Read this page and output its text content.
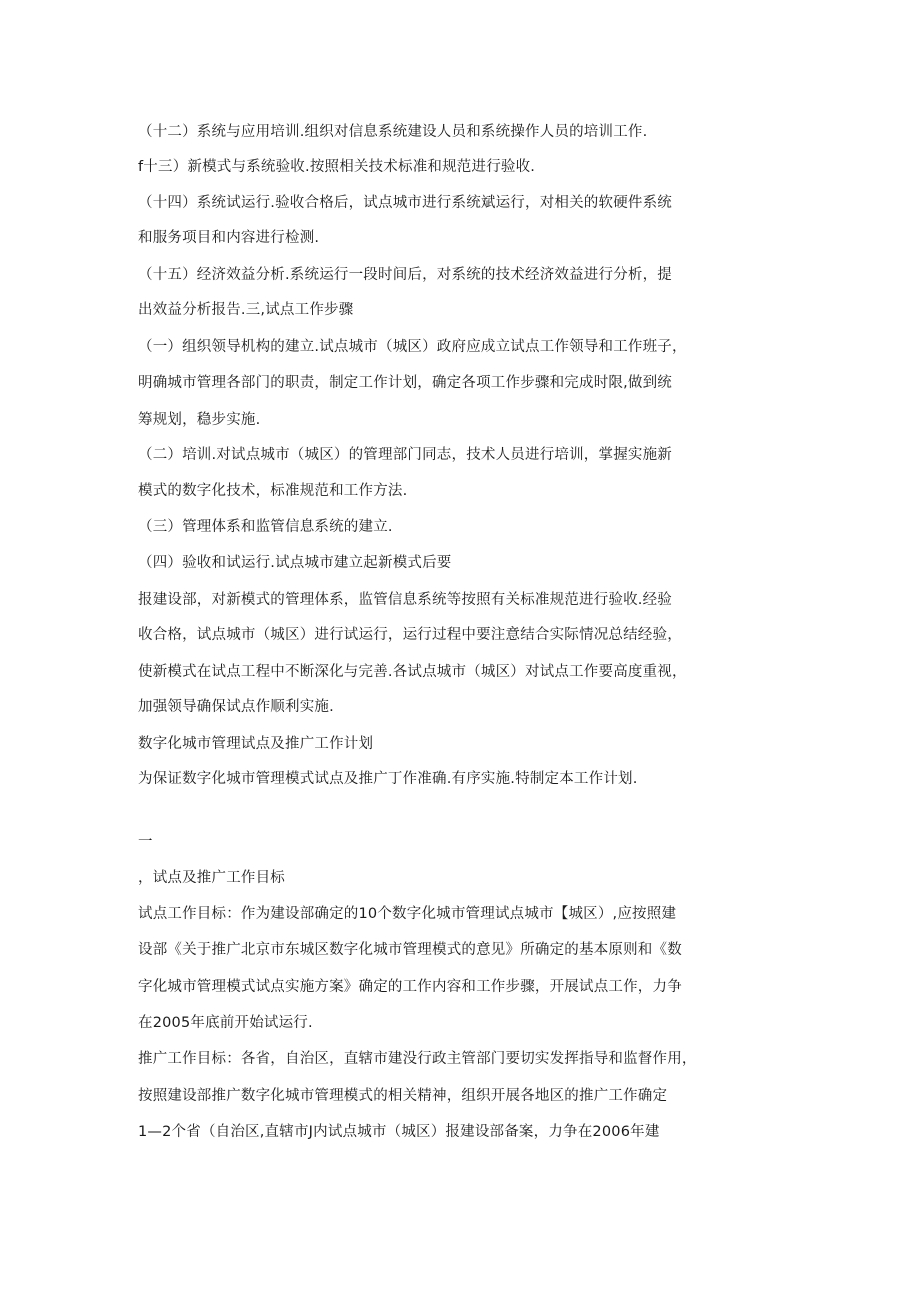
（十二）系统与应用培训.组织对信息系统建设人员和系统操作人员的培训工作.
f十三）新模式与系统验收.按照相关技术标准和规范进行验收.
（十四）系统试运行.验收合格后，试点城市进行系统斌运行，对相关的软硬件系统
和服务项目和内容进行检测.
（十五）经济效益分析.系统运行一段时间后，对系统的技术经济效益进行分析，提
出效益分析报告.三,试点工作步骤
（一）组织领导机构的建立.试点城市（城区）政府应成立试点工作领导和工作班子，
明确城市管理各部门的职责，制定工作计划，确定各项工作步骤和完成时限,做到统
筹规划，稳步实施.
（二）培训.对试点城市（城区）的管理部门同志，技术人员进行培训，掌握实施新
模式的数字化技术，标准规范和工作方法.
（三）管理体系和监管信息系统的建立.
（四）验收和试运行.试点城市建立起新模式后要
报建设部，对新模式的管理体系，监管信息系统等按照有关标准规范进行验收.经验
收合格，试点城市（城区）进行试运行，运行过程中要注意结合实际情况总结经验，
使新模式在试点工程中不断深化与完善.各试点城市（城区）对试点工作要高度重视，
加强领导确保试点作顺利实施.
数字化城市管理试点及推广工作计划
为保证数字化城市管理模式试点及推广丁作准确.有序实施.特制定本工作计划.
一
，试点及推广工作目标
试点工作目标：作为建设部确定的10个数字化城市管理试点城市【城区）,应按照建
设部《关于推广北京市东城区数字化城市管理模式的意见》所确定的基本原则和《数
字化城市管理模式试点实施方案》确定的工作内容和工作步骤，开展试点工作，力争
在2005年底前开始试运行.
推广工作目标：各省，自治区，直辖市建没行政主管部门要切实发挥指导和监督作用，
按照建设部推广数字化城市管理模式的相关精神，组织开展各地区的推广工作确定
1—2个省（自治区,直辖市J内试点城市（城区）报建设部备案，力争在2006年建
